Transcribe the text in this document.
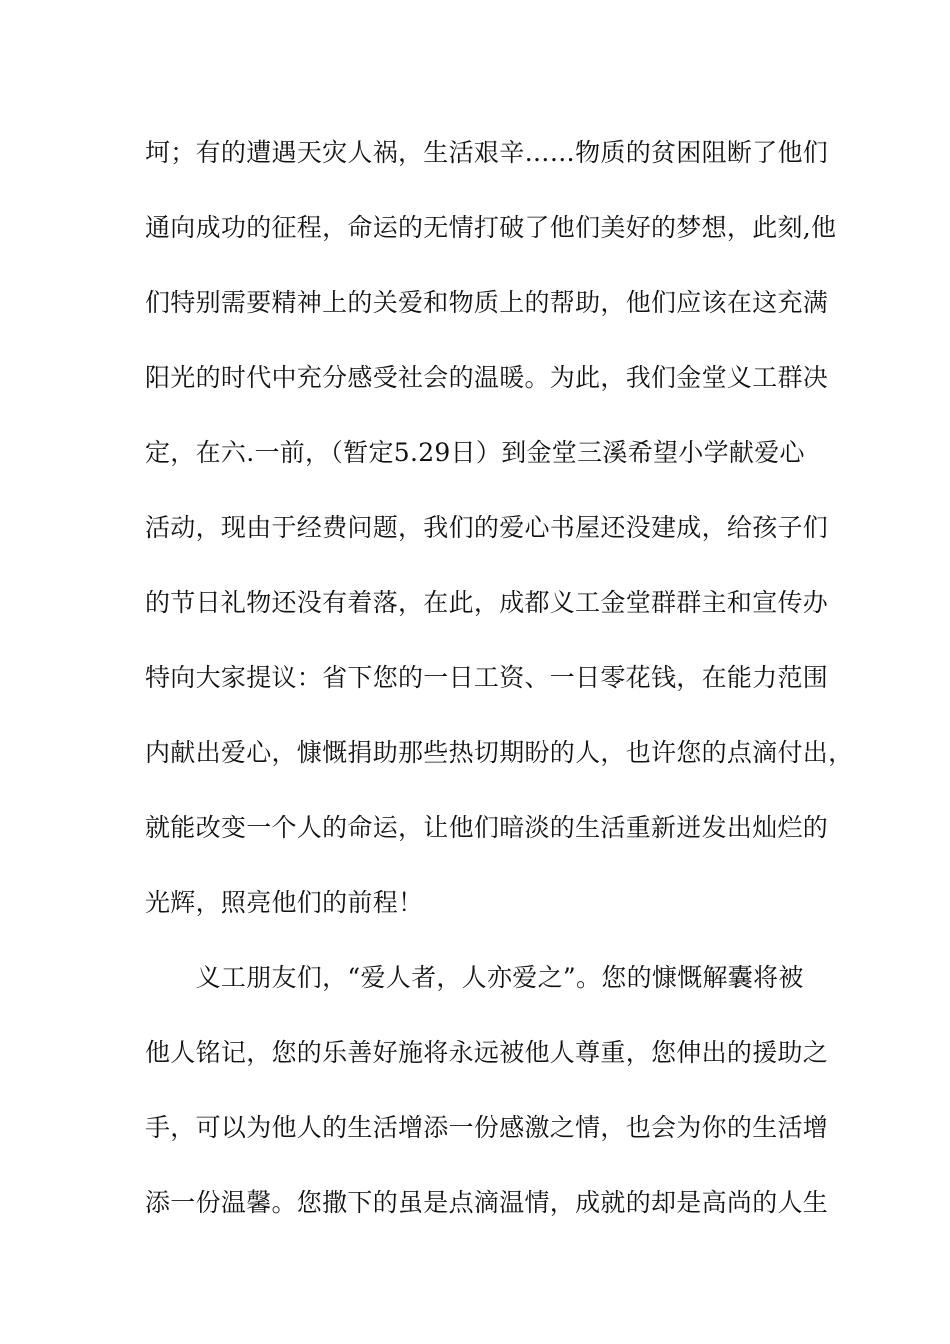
坷；有的遭遇天灾人祸，生活艰辛……物质的贫困阻断了他们
通向成功的征程，命运的无情打破了他们美好的梦想，此刻,他
们特别需要精神上的关爱和物质上的帮助，他们应该在这充满
阳光的时代中充分感受社会的温暖。为此，我们金堂义工群决
定，在六.一前，（暂定5.29日）到金堂三溪希望小学献爱心
活动，现由于经费问题，我们的爱心书屋还没建成，给孩子们
的节日礼物还没有着落，在此，成都义工金堂群群主和宣传办
特向大家提议：省下您的一日工资、一日零花钱，在能力范围
内献出爱心，慷慨捐助那些热切期盼的人，也许您的点滴付出，
就能改变一个人的命运，让他们暗淡的生活重新迸发出灿烂的
光辉，照亮他们的前程！
　　义工朋友们，“爱人者，人亦爱之”。您的慷慨解囊将被
他人铭记，您的乐善好施将永远被他人尊重，您伸出的援助之
手，可以为他人的生活增添一份感激之情，也会为你的生活增
添一份温馨。您撒下的虽是点滴温情，成就的却是高尚的人生
